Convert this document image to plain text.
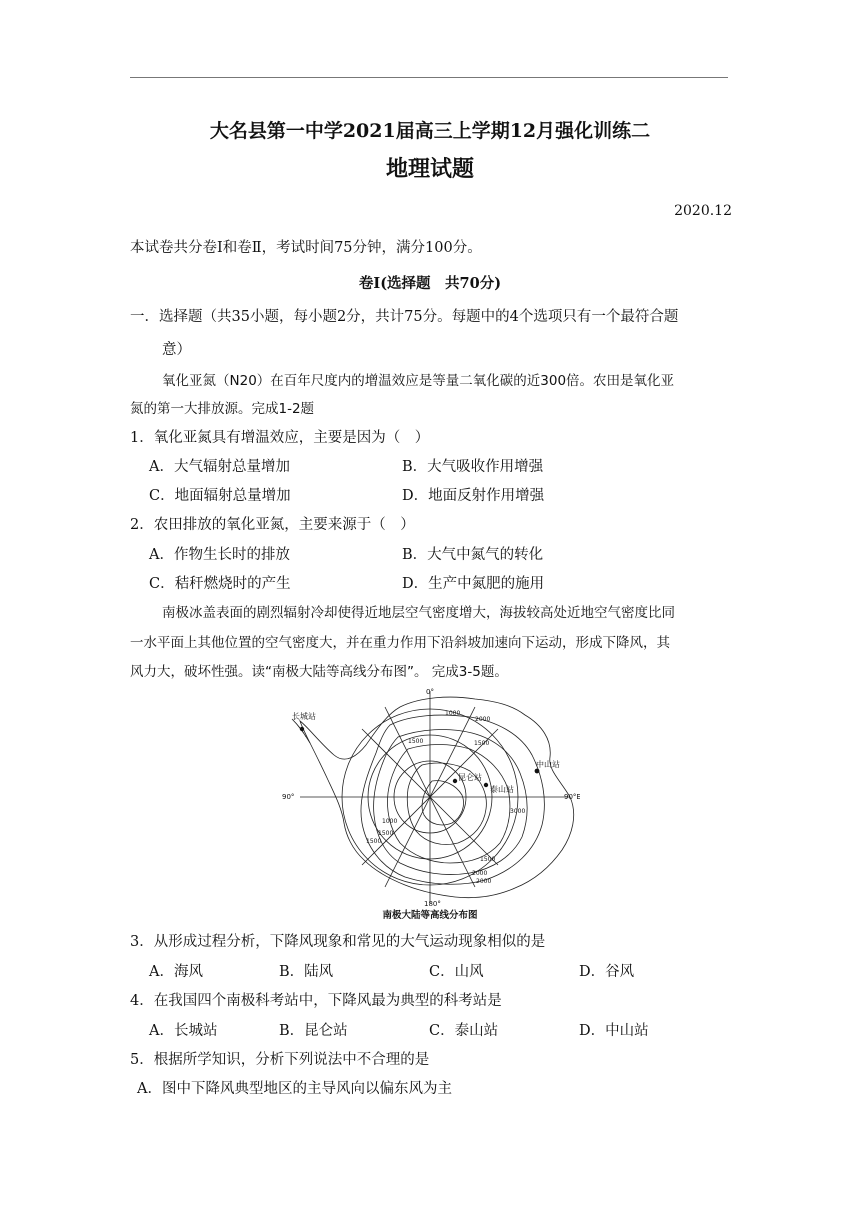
大名县第一中学2021届高三上学期12月强化训练二
地理试题
2020.12
本试卷共分卷Ⅰ和卷Ⅱ，考试时间75分钟，满分100分。
卷Ⅰ(选择题　共70分)
一．选择题（共35小题，每小题2分，共计75分。每题中的4个选项只有一个最符合题
意）
氧化亚氮（N20）在百年尺度内的增温效应是等量二氧化碳的近300倍。农田是氧化亚
氮的第一大排放源。完成1-2题
1．氧化亚氮具有增温效应，主要是因为（　）
A．大气辐射总量增加	B．大气吸收作用增强
C．地面辐射总量增加	D．地面反射作用增强
2．农田排放的氧化亚氮，主要来源于（　）
A．作物生长时的排放	B．大气中氮气的转化
C．秸秆燃烧时的产生	D．生产中氮肥的施用
南极冰盖表面的剧烈辐射冷却使得近地层空气密度增大，海拔较高处近地空气密度比同
一水平面上其他位置的空气密度大，并在重力作用下沿斜坡加速向下运动，形成下降风，其
风力大，破坏性强。读“南极大陆等高线分布图”。 完成3-5题。
长城站
昆仑站
泰山站
中山站
0°
90°	90°E
180°
1000
2000
1500	1500
3000
2000
1500
1000
1500
1500
2000
南极大陆等高线分布图
3．从形成过程分析，下降风现象和常见的大气运动现象相似的是
A．海风	B．陆风	C．山风	D．谷风
4．在我国四个南极科考站中，下降风最为典型的科考站是
A．长城站	B．昆仑站	C．泰山站	D．中山站
5．根据所学知识，分析下列说法中不合理的是
A．图中下降风典型地区的主导风向以偏东风为主
